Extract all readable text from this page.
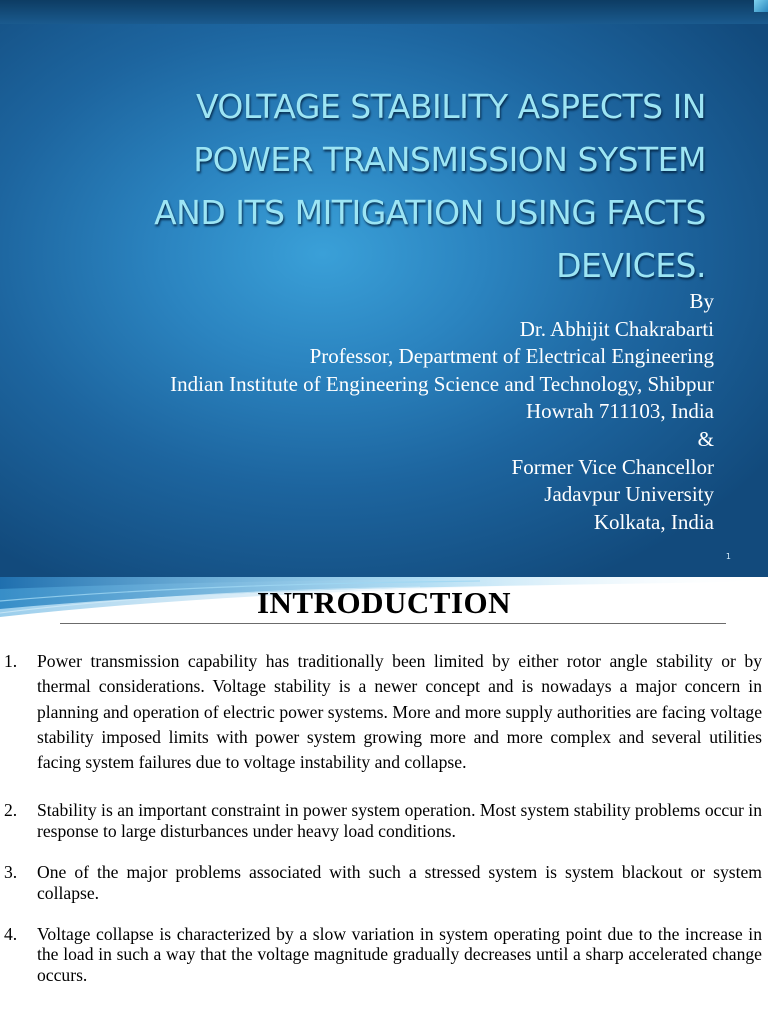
VOLTAGE STABILITY ASPECTS IN
POWER TRANSMISSION SYSTEM
AND ITS MITIGATION USING FACTS
DEVICES.
By
Dr. Abhijit Chakrabarti
Professor, Department of Electrical Engineering
Indian Institute of Engineering Science and Technology, Shibpur
Howrah 711103, India
&
Former Vice Chancellor
Jadavpur University
Kolkata, India
1
INTRODUCTION
1. Power transmission capability has traditionally been limited by either rotor angle stability or by thermal considerations. Voltage stability is a newer concept and is nowadays a major concern in planning and operation of electric power systems. More and more supply authorities are facing voltage stability imposed limits with power system growing more and more complex and several utilities facing system failures due to voltage instability and collapse.
2. Stability is an important constraint in power system operation. Most system stability problems occur in response to large disturbances under heavy load conditions.
3. One of the major problems associated with such a stressed system is system blackout or system collapse.
4. Voltage collapse is characterized by a slow variation in system operating point due to the increase in the load in such a way that the voltage magnitude gradually decreases until a sharp accelerated change occurs.
